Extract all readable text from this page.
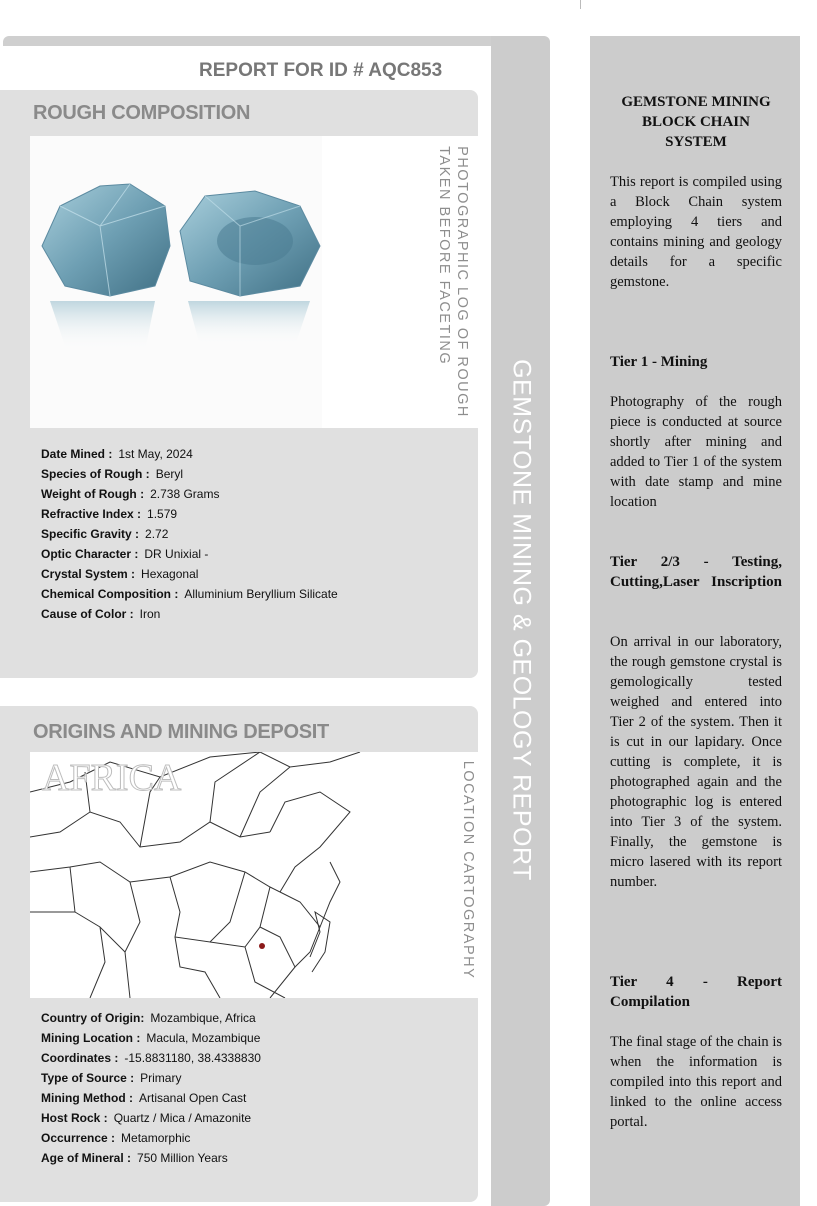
REPORT FOR ID # AQC853
ROUGH COMPOSITION
PHOTOGRAPHIC LOG OF ROUGH
TAKEN BEFORE FACETING
Date Mined : 1st May, 2024
Species of Rough : Beryl
Weight of Rough : 2.738 Grams
Refractive Index : 1.579
Specific Gravity : 2.72
Optic Character : DR Unixial -
Crystal System : Hexagonal
Chemical Composition : Alluminium Beryllium Silicate
Cause of Color : Iron
ORIGINS AND MINING DEPOSIT
AFRICA	LOCATION CARTOGRAPHY
Country of Origin: Mozambique, Africa
Mining Location : Macula, Mozambique
Coordinates : -15.8831180, 38.4338830
Type of Source : Primary
Mining Method : Artisanal Open Cast
Host Rock : Quartz / Mica / Amazonite
Occurrence : Metamorphic
Age of Mineral : 750 Million Years
GEMSTONE MINING & GEOLOGY REPORT
GEMSTONE MINING BLOCK CHAIN SYSTEM
This report is compiled using a Block Chain system employing 4 tiers and contains mining and geology details for a specific gemstone.
Tier 1 - Mining
Photography of the rough piece is conducted at source shortly after mining and added to Tier 1 of the system with date stamp and mine location
Tier 2/3 - Testing, Cutting,Laser Inscription
On arrival in our laboratory, the rough gemstone crystal is gemologically tested weighed and entered into Tier 2 of the system. Then it is cut in our lapidary. Once cutting is complete, it is photographed again and the photographic log is entered into Tier 3 of the system. Finally, the gemstone is micro lasered with its report number.
Tier 4 - Report Compilation
The final stage of the chain is when the information is compiled into this report and linked to the online access portal.
